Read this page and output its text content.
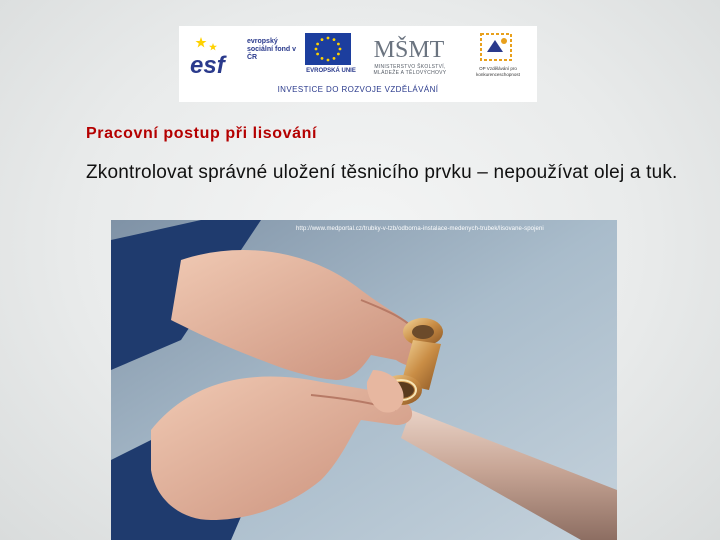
esf
evropský sociální fond v ČR
EVROPSKÁ UNIE
MŠMT
MINISTERSTVO ŠKOLSTVÍ, MLÁDEŽE A TĚLOVÝCHOVY
OP Vzdělávání pro konkurenceschopnost
INVESTICE DO ROZVOJE VZDĚLÁVÁNÍ
Pracovní postup při lisování

Zkontrolovat správné uložení těsnicího prvku – nepoužívat olej a tuk.

http://www.medportal.cz/trubky-v-tzb/odborna-instalace-medenych-trubek/lisovane-spojeni
